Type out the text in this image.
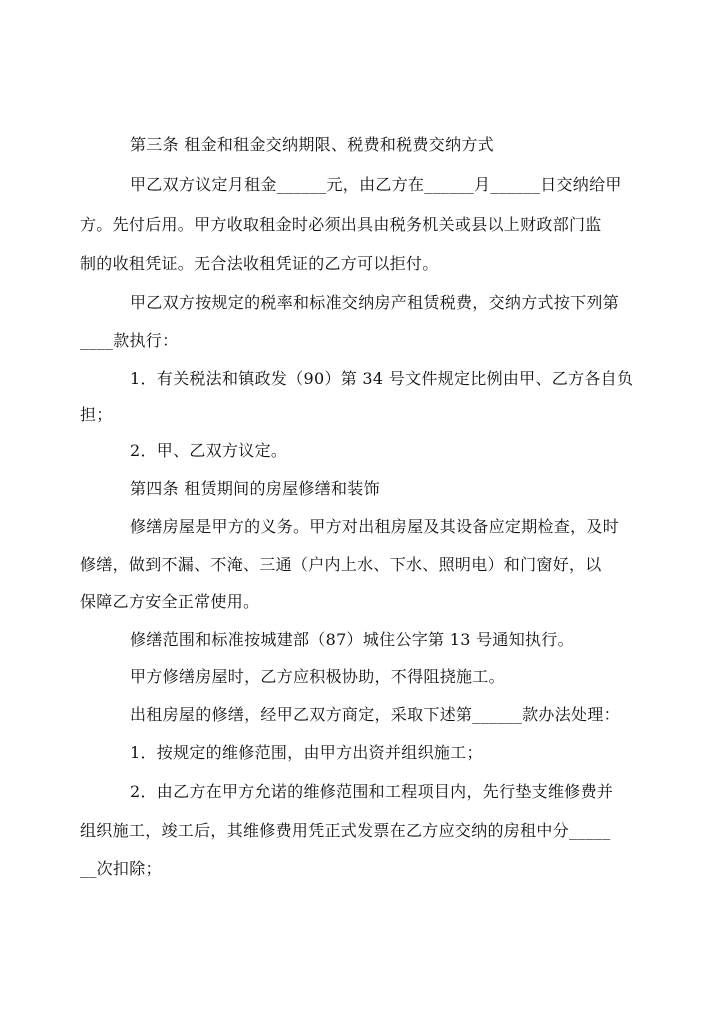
第三条 租金和租金交纳期限、税费和税费交纳方式
甲乙双方议定月租金______元，由乙方在______月______日交纳给甲
方。先付后用。甲方收取租金时必须出具由税务机关或县以上财政部门监
制的收租凭证。无合法收租凭证的乙方可以拒付。
甲乙双方按规定的税率和标准交纳房产租赁税费，交纳方式按下列第
____款执行：
1．有关税法和镇政发（90）第 34 号文件规定比例由甲、乙方各自负
担；
2．甲、乙双方议定。
第四条 租赁期间的房屋修缮和装饰
修缮房屋是甲方的义务。甲方对出租房屋及其设备应定期检查，及时
修缮，做到不漏、不淹、三通（户内上水、下水、照明电）和门窗好，以
保障乙方安全正常使用。
修缮范围和标准按城建部（87）城住公字第 13 号通知执行。
甲方修缮房屋时，乙方应积极协助，不得阻挠施工。
出租房屋的修缮，经甲乙双方商定，采取下述第______款办法处理：
1．按规定的维修范围，由甲方出资并组织施工；
2．由乙方在甲方允诺的维修范围和工程项目内，先行垫支维修费并
组织施工，竣工后，其维修费用凭正式发票在乙方应交纳的房租中分_____
__次扣除；
